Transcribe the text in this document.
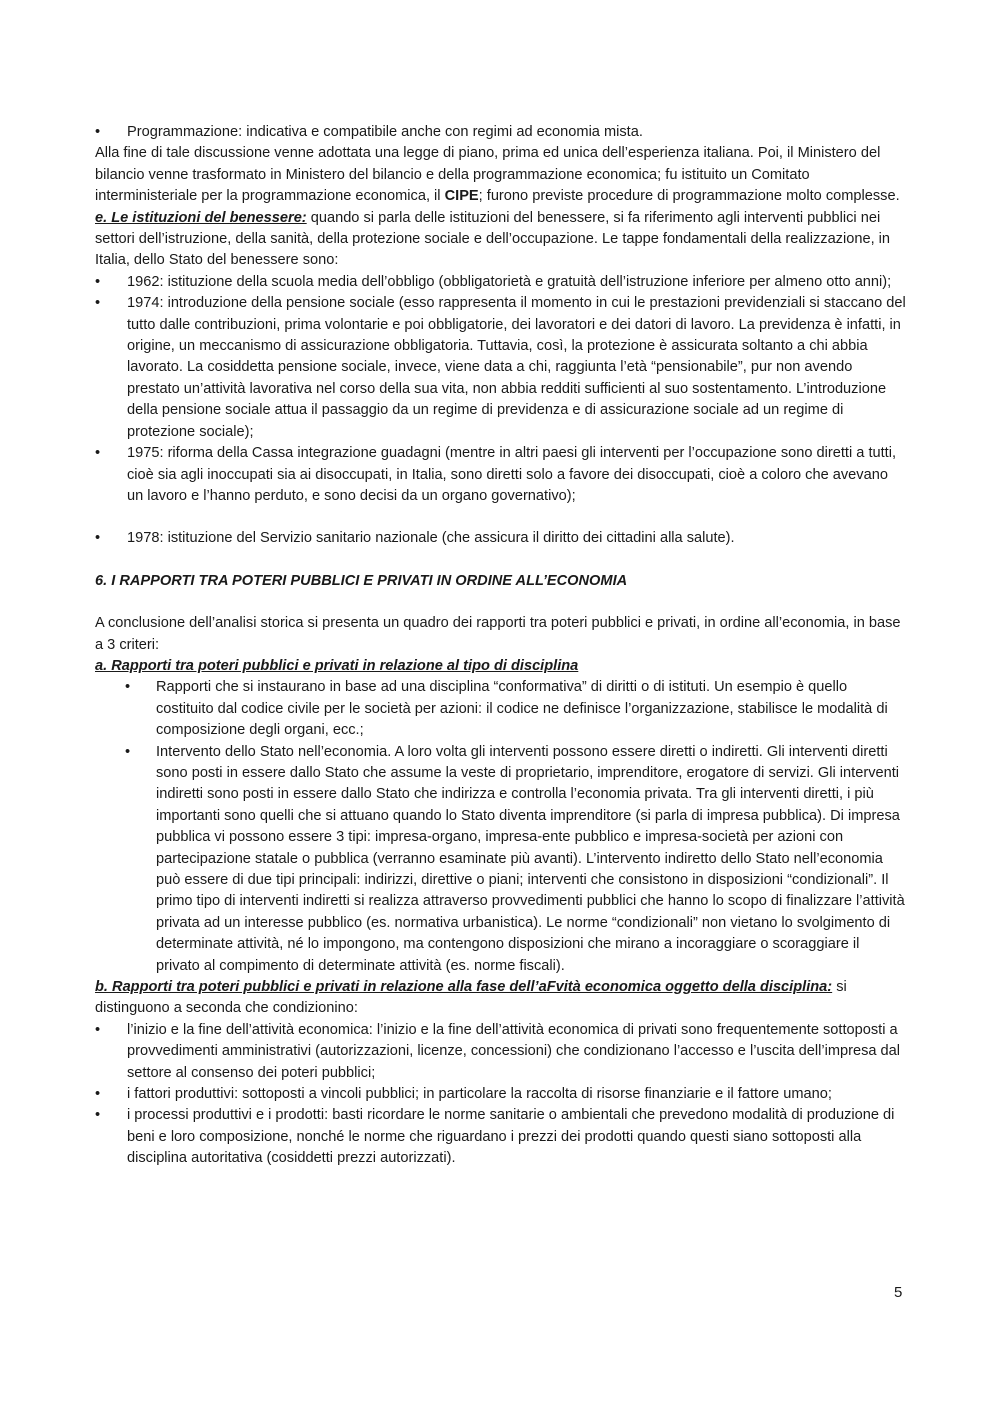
• Programmazione: indicativa e compatibile anche con regimi ad economia mista.

Alla fine di tale discussione venne adottata una legge di piano, prima ed unica dell’esperienza italiana. Poi, il Ministero del bilancio venne trasformato in Ministero del bilancio e della programmazione economica; fu istituito un Comitato interministeriale per la programmazione economica, il CIPE; furono previste procedure di programmazione molto complesse.

e. Le istituzioni del benessere: quando si parla delle istituzioni del benessere, si fa riferimento agli interventi pubblici nei settori dell’istruzione, della sanità, della protezione sociale e dell’occupazione. Le tappe fondamentali della realizzazione, in Italia, dello Stato del benessere sono:

• 1962: istituzione della scuola media dell’obbligo (obbligatorietà e gratuità dell’istruzione inferiore per almeno otto anni);

• 1974: introduzione della pensione sociale (esso rappresenta il momento in cui le prestazioni previdenziali si staccano del tutto dalle contribuzioni, prima volontarie e poi obbligatorie, dei lavoratori e dei datori di lavoro. La previdenza è infatti, in origine, un meccanismo di assicurazione obbligatoria. Tuttavia, così, la protezione è assicurata soltanto a chi abbia lavorato. La cosiddetta pensione sociale, invece, viene data a chi, raggiunta l’età “pensionabile”, pur non avendo prestato un’attività lavorativa nel corso della sua vita, non abbia redditi sufficienti al suo sostentamento. L’introduzione della pensione sociale attua il passaggio da un regime di previdenza e di assicurazione sociale ad un regime di protezione sociale);

• 1975: riforma della Cassa integrazione guadagni (mentre in altri paesi gli interventi per l’occupazione sono diretti a tutti, cioè sia agli inoccupati sia ai disoccupati, in Italia, sono diretti solo a favore dei disoccupati, cioè a coloro che avevano un lavoro e l’hanno perduto, e sono decisi da un organo governativo);

• 1978: istituzione del Servizio sanitario nazionale (che assicura il diritto dei cittadini alla salute).

6. I RAPPORTI TRA POTERI PUBBLICI E PRIVATI IN ORDINE ALL’ECONOMIA

A conclusione dell’analisi storica si presenta un quadro dei rapporti tra poteri pubblici e privati, in ordine all’economia, in base a 3 criteri:

a. Rapporti tra poteri pubblici e privati in relazione al tipo di disciplina

• Rapporti che si instaurano in base ad una disciplina “conformativa” di diritti o di istituti. Un esempio è quello costituito dal codice civile per le società per azioni: il codice ne definisce l’organizzazione, stabilisce le modalità di composizione degli organi, ecc.;

• Intervento dello Stato nell’economia. A loro volta gli interventi possono essere diretti o indiretti. Gli interventi diretti sono posti in essere dallo Stato che assume la veste di proprietario, imprenditore, erogatore di servizi. Gli interventi indiretti sono posti in essere dallo Stato che indirizza e controlla l’economia privata. Tra gli interventi diretti, i più importanti sono quelli che si attuano quando lo Stato diventa imprenditore (si parla di impresa pubblica). Di impresa pubblica vi possono essere 3 tipi: impresa-organo, impresa-ente pubblico e impresa-società per azioni con partecipazione statale o pubblica (verranno esaminate più avanti). L’intervento indiretto dello Stato nell’economia può essere di due tipi principali: indirizzi, direttive o piani; interventi che consistono in disposizioni “condizionali”. Il primo tipo di interventi indiretti si realizza attraverso provvedimenti pubblici che hanno lo scopo di finalizzare l’attività privata ad un interesse pubblico (es. normativa urbanistica). Le norme “condizionali” non vietano lo svolgimento di determinate attività, né lo impongono, ma contengono disposizioni che mirano a incoraggiare o scoraggiare il privato al compimento di determinate attività (es. norme fiscali).

b. Rapporti tra poteri pubblici e privati in relazione alla fase dell’aFvità economica oggetto della disciplina: si distinguono a seconda che condizionino:

• l’inizio e la fine dell’attività economica: l’inizio e la fine dell’attività economica di privati sono frequentemente sottoposti a provvedimenti amministrativi (autorizzazioni, licenze, concessioni) che condizionano l’accesso e l’uscita dell’impresa dal settore al consenso dei poteri pubblici;

• i fattori produttivi: sottoposti a vincoli pubblici; in particolare la raccolta di risorse finanziarie e il fattore umano;

• i processi produttivi e i prodotti: basti ricordare le norme sanitarie o ambientali che prevedono modalità di produzione di beni e loro composizione, nonché le norme che riguardano i prezzi dei prodotti quando questi siano sottoposti alla disciplina autoritativa (cosiddetti prezzi autorizzati).

5
